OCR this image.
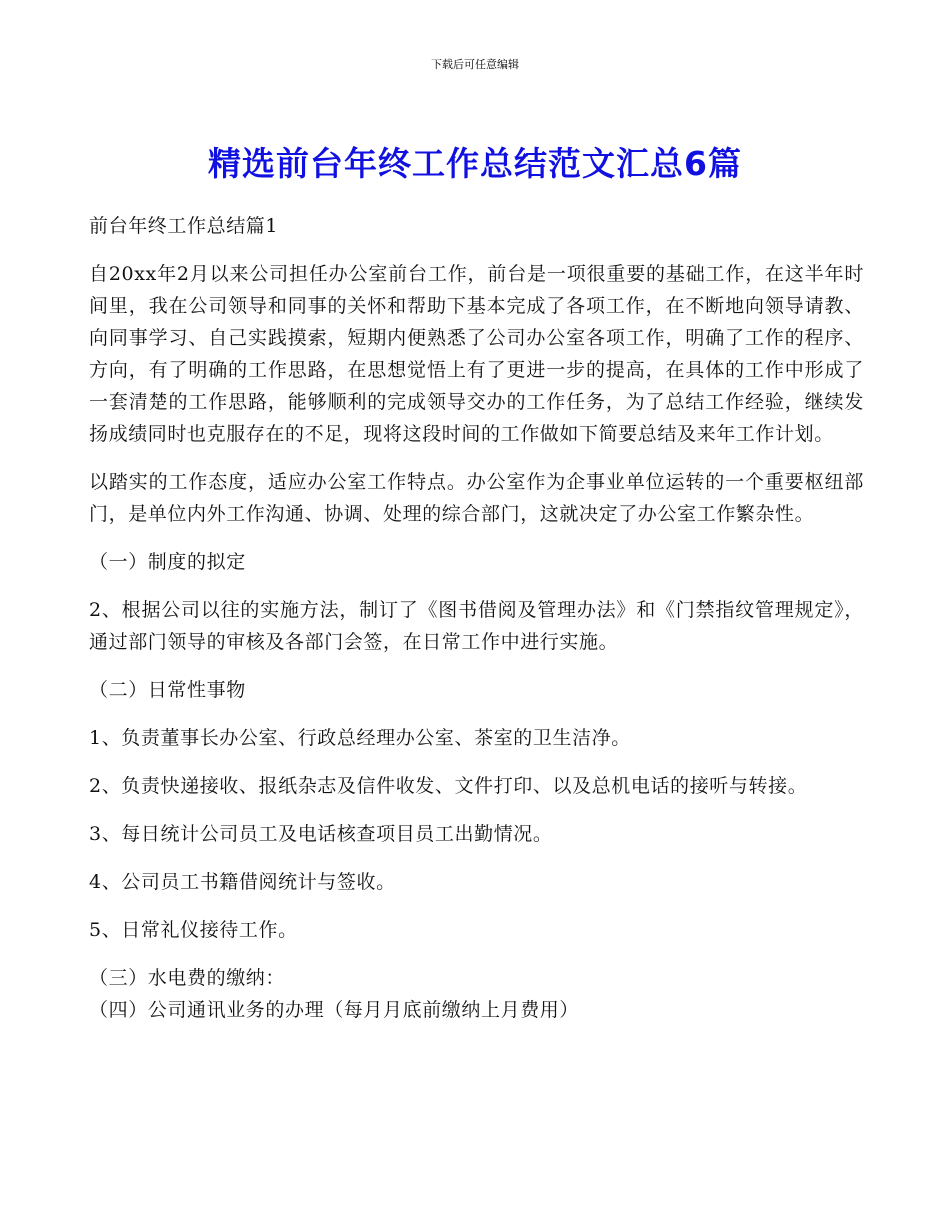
下载后可任意编辑
精选前台年终工作总结范文汇总6篇

前台年终工作总结篇1

自20xx年2月以来公司担任办公室前台工作，前台是一项很重要的基础工作，在这半年时间里，我在公司领导和同事的关怀和帮助下基本完成了各项工作，在不断地向领导请教、向同事学习、自己实践摸索，短期内便熟悉了公司办公室各项工作，明确了工作的程序、方向，有了明确的工作思路，在思想觉悟上有了更进一步的提高，在具体的工作中形成了一套清楚的工作思路，能够顺利的完成领导交办的工作任务，为了总结工作经验，继续发扬成绩同时也克服存在的不足，现将这段时间的工作做如下简要总结及来年工作计划。

以踏实的工作态度，适应办公室工作特点。办公室作为企事业单位运转的一个重要枢纽部门，是单位内外工作沟通、协调、处理的综合部门，这就决定了办公室工作繁杂性。

（一）制度的拟定

2、根据公司以往的实施方法，制订了《图书借阅及管理办法》和《门禁指纹管理规定》，通过部门领导的审核及各部门会签，在日常工作中进行实施。

（二）日常性事物

1、负责董事长办公室、行政总经理办公室、茶室的卫生洁净。

2、负责快递接收、报纸杂志及信件收发、文件打印、以及总机电话的接听与转接。

3、每日统计公司员工及电话核查项目员工出勤情况。

4、公司员工书籍借阅统计与签收。

5、日常礼仪接待工作。

（三）水电费的缴纳：

（四）公司通讯业务的办理（每月月底前缴纳上月费用）
